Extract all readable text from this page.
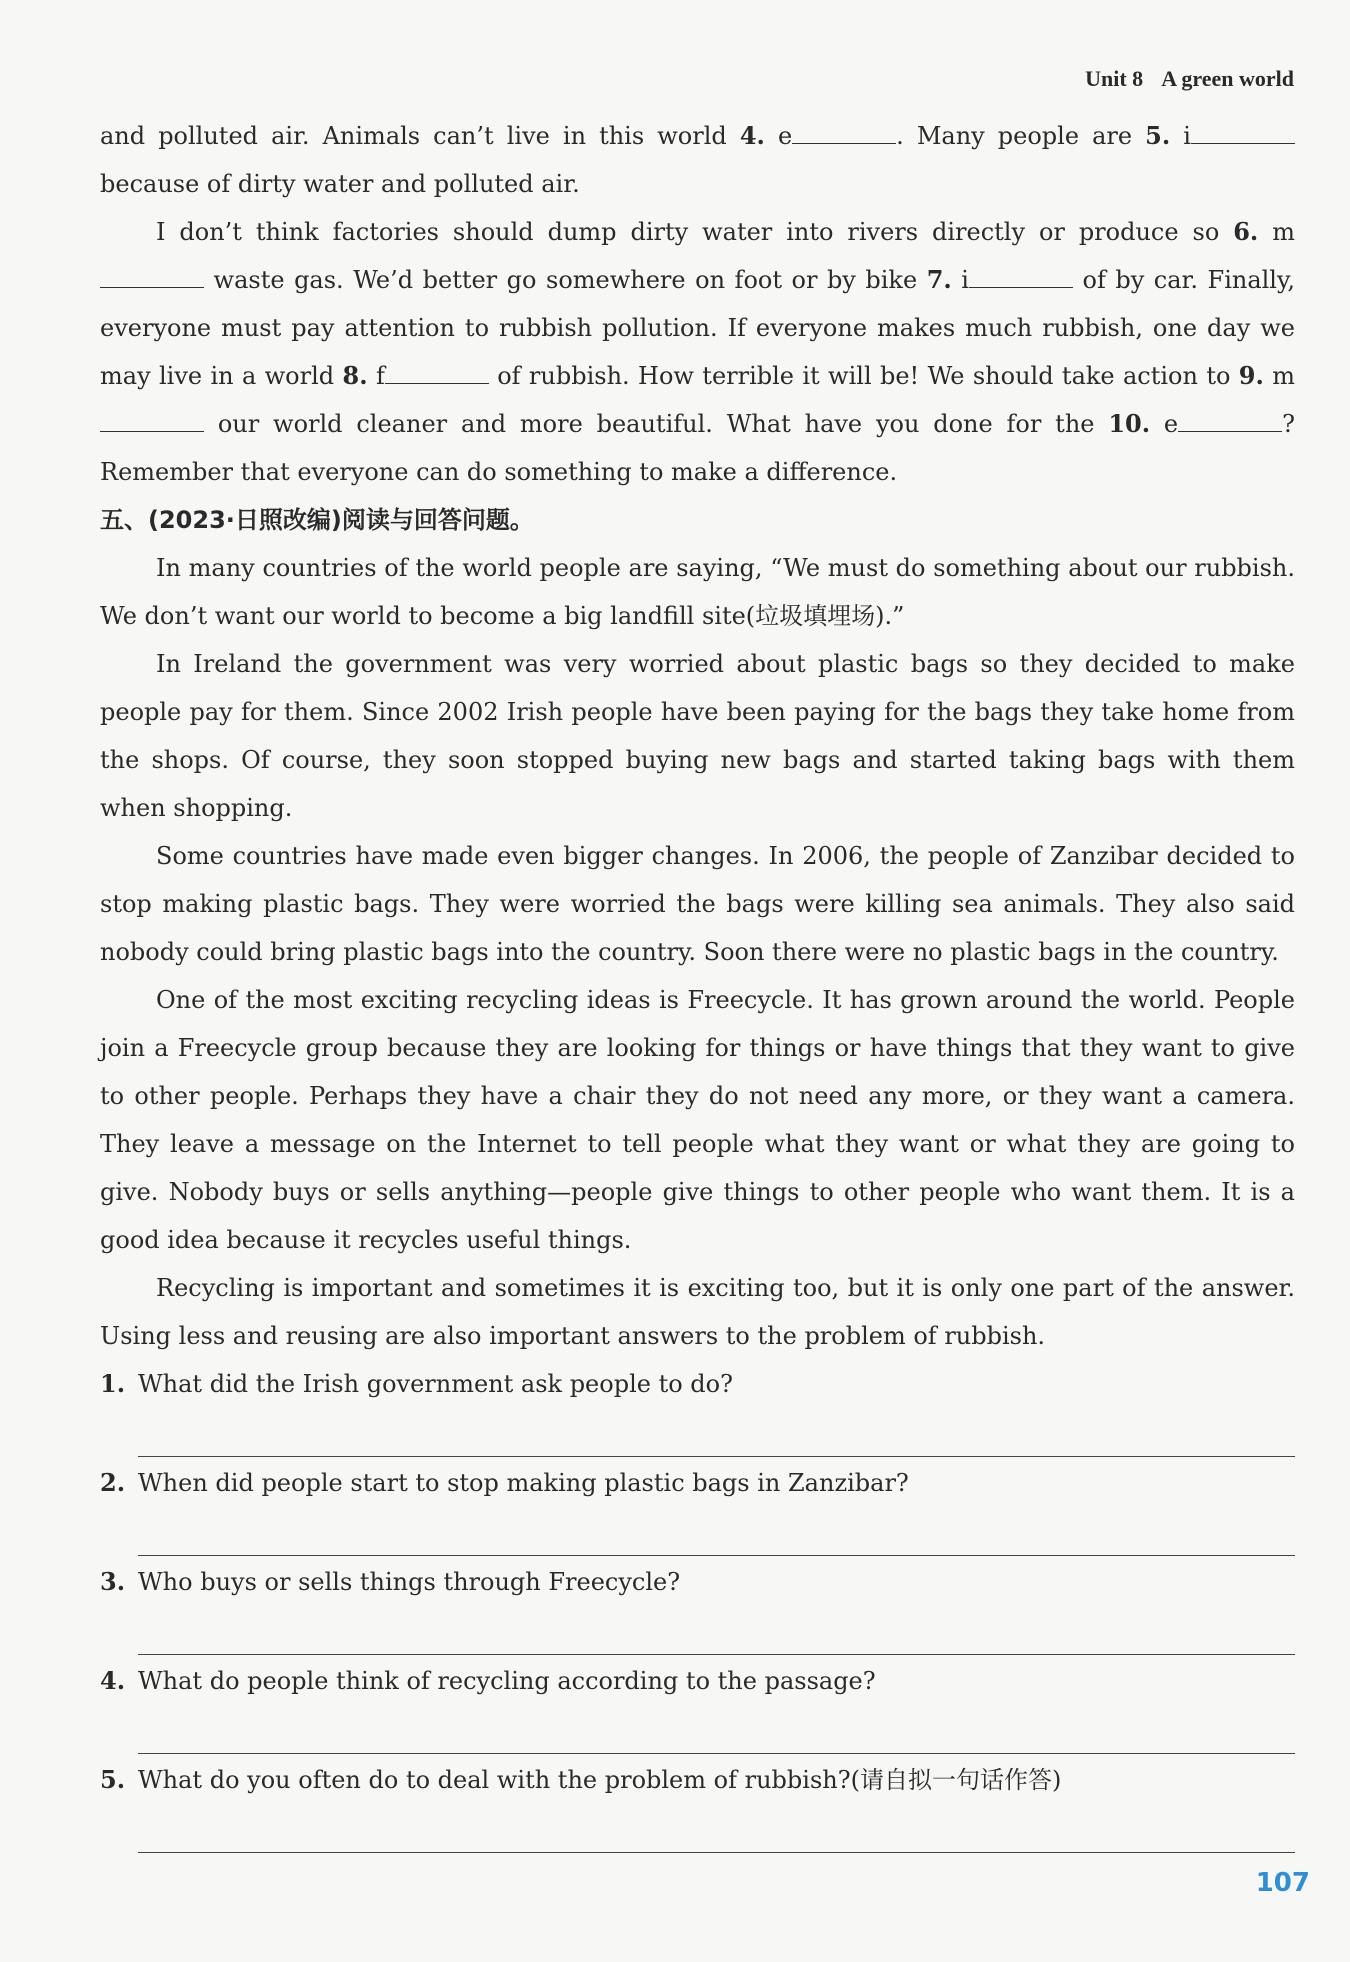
Unit 8 A green world

and polluted air. Animals can’t live in this world 4. e	. Many people are 5. i because of dirty water and polluted air.

I don’t think factories should dump dirty water into rivers directly or produce so 6. m waste gas. We’d better go somewhere on foot or by bike 7. i	of by car. Finally, everyone must pay attention to rubbish pollution. If everyone makes much rubbish, one day we may live in a world 8. f	of rubbish. How terrible it will be! We should take action to 9. m our world cleaner and more beautiful. What have you done for the 10. e	? Remember that everyone can do something to make a difference.

五、(2023·日照改编)阅读与回答问题。

In many countries of the world people are saying, “We must do something about our rubbish. We don’t want our world to become a big landfill site(垃圾填埋场).”

In Ireland the government was very worried about plastic bags so they decided to make people pay for them. Since 2002 Irish people have been paying for the bags they take home from the shops. Of course, they soon stopped buying new bags and started taking bags with them when shopping.

Some countries have made even bigger changes. In 2006, the people of Zanzibar decided to stop making plastic bags. They were worried the bags were killing sea animals. They also said nobody could bring plastic bags into the country. Soon there were no plastic bags in the country.

One of the most exciting recycling ideas is Freecycle. It has grown around the world. People join a Freecycle group because they are looking for things or have things that they want to give to other people. Perhaps they have a chair they do not need any more, or they want a camera. They leave a message on the Internet to tell people what they want or what they are going to give. Nobody buys or sells anything—people give things to other people who want them. It is a good idea because it recycles useful things.

Recycling is important and sometimes it is exciting too, but it is only one part of the answer. Using less and reusing are also important answers to the problem of rubbish.

1. What did the Irish government ask people to do?
2. When did people start to stop making plastic bags in Zanzibar?
3. Who buys or sells things through Freecycle?
4. What do people think of recycling according to the passage?
5. What do you often do to deal with the problem of rubbish?(请自拟一句话作答)
107
